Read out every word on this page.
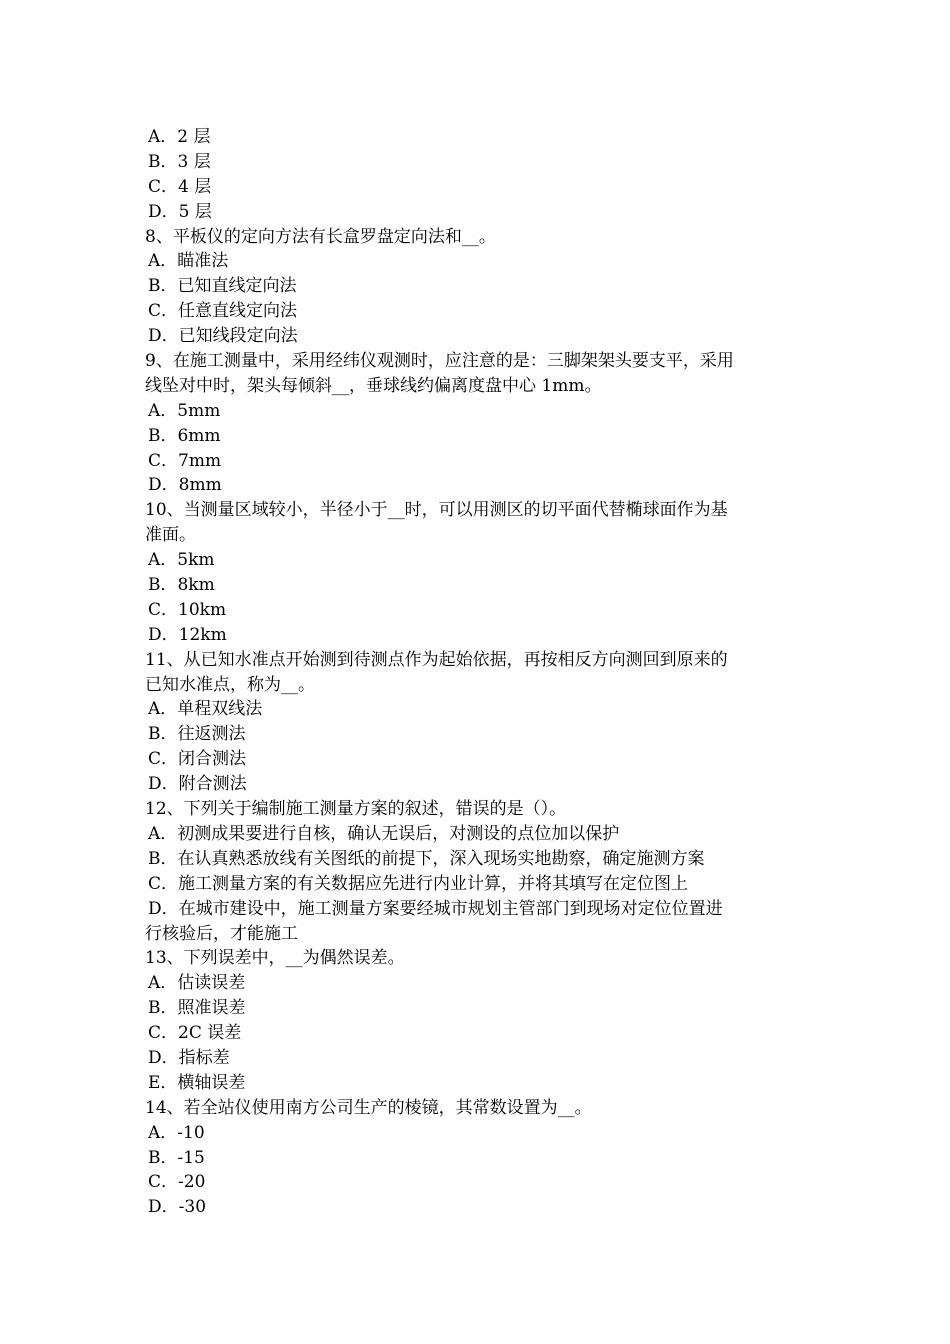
A．2 层
B．3 层
C．4 层
D．5 层
8、平板仪的定向方法有长盒罗盘定向法和__。
A．瞄准法
B．已知直线定向法
C．任意直线定向法
D．已知线段定向法
9、在施工测量中，采用经纬仪观测时，应注意的是：三脚架架头要支平，采用
线坠对中时，架头每倾斜__，垂球线约偏离度盘中心 1mm。
A．5mm
B．6mm
C．7mm
D．8mm
10、当测量区域较小，半径小于__时，可以用测区的切平面代替椭球面作为基
准面。
A．5km
B．8km
C．10km
D．12km
11、从已知水准点开始测到待测点作为起始依据，再按相反方向测回到原来的
已知水准点，称为__。
A．单程双线法
B．往返测法
C．闭合测法
D．附合测法
12、下列关于编制施工测量方案的叙述，错误的是（）。
A．初测成果要进行自核，确认无误后，对测设的点位加以保护
B．在认真熟悉放线有关图纸的前提下，深入现场实地勘察，确定施测方案
C．施工测量方案的有关数据应先进行内业计算，并将其填写在定位图上
D．在城市建设中，施工测量方案要经城市规划主管部门到现场对定位位置进
行核验后，才能施工
13、下列误差中，__为偶然误差。
A．估读误差
B．照准误差
C．2C 误差
D．指标差
E．横轴误差
14、若全站仪使用南方公司生产的棱镜，其常数设置为__。
A．-10
B．-15
C．-20
D．-30
